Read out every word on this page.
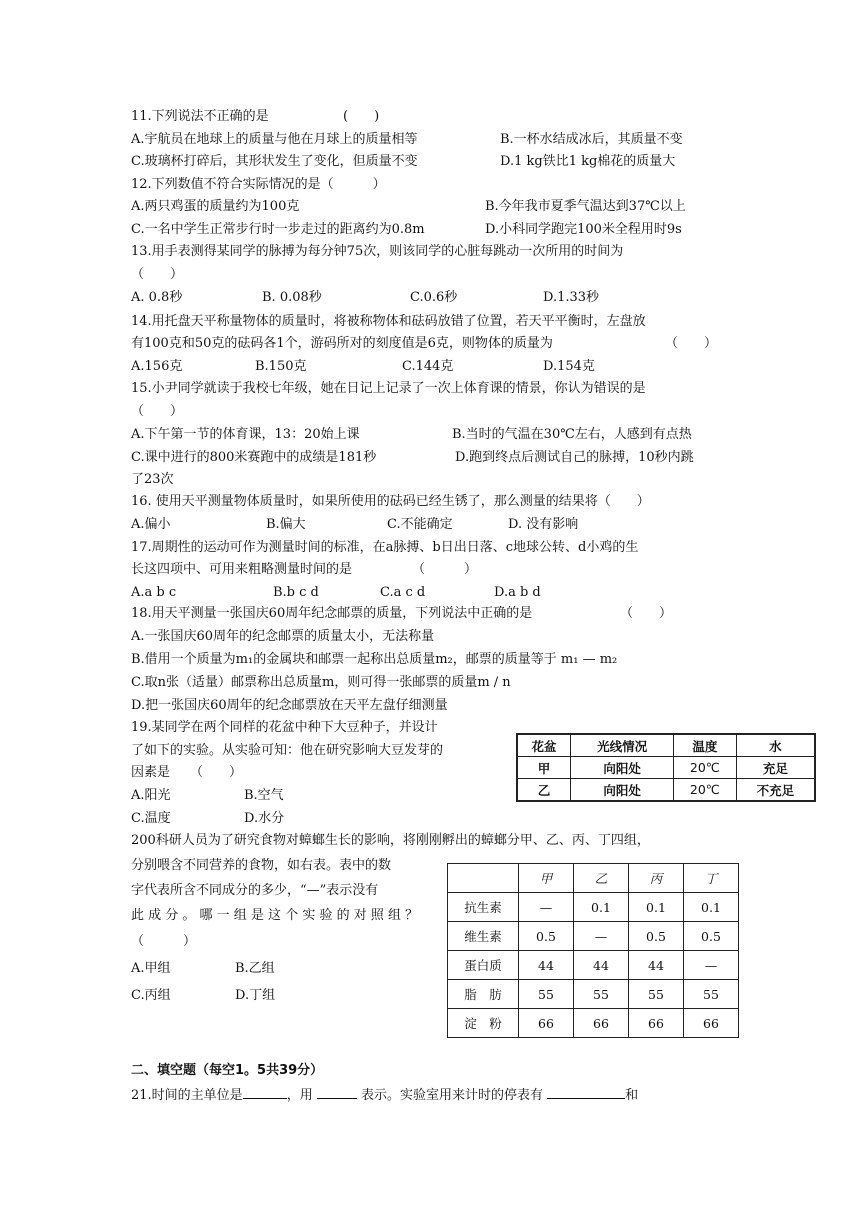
11.下列说法不正确的是	(　　)
A.宇航员在地球上的质量与他在月球上的质量相等	B.一杯水结成冰后，其质量不变
C.玻璃杯打碎后，其形状发生了变化，但质量不变	D.1 kg铁比1 kg棉花的质量大
12.下列数值不符合实际情况的是（　　　）
A.两只鸡蛋的质量约为100克	B.今年我市夏季气温达到37℃以上
C.一名中学生正常步行时一步走过的距离约为0.8m	D.小科同学跑完100米全程用时9s
13.用手表测得某同学的脉搏为每分钟75次，则该同学的心脏每跳动一次所用的时间为
（　　）
A. 0.8秒	B. 0.08秒	C.0.6秒	D.1.33秒
14.用托盘天平称量物体的质量时，将被称物体和砝码放错了位置，若天平平衡时，左盘放
有100克和50克的砝码各1个，游码所对的刻度值是6克，则物体的质量为	（　　）
A.156克	B.150克	C.144克	D.154克
15.小尹同学就读于我校七年级，她在日记上记录了一次上体育课的情景，你认为错误的是
（　　）
A.下午第一节的体育课，13：20始上课	B.当时的气温在30℃左右，人感到有点热
C.课中进行的800米赛跑中的成绩是181秒	D.跑到终点后测试自己的脉搏，10秒内跳
了23次
16. 使用天平测量物体质量时，如果所使用的砝码已经生锈了，那么测量的结果将（　　）
A.偏小	B.偏大	C.不能确定	D. 没有影响
17.周期性的运动可作为测量时间的标准，在a脉搏、b日出日落、c地球公转、d小鸡的生
长这四项中、可用来粗略测量时间的是	（　　　）
A.a b c	B.b c d	C.a c d	D.a b d
18.用天平测量一张国庆60周年纪念邮票的质量，下列说法中正确的是	（　　）
A.一张国庆60周年的纪念邮票的质量太小，无法称量
B.借用一个质量为m₁的金属块和邮票一起称出总质量m₂，邮票的质量等于 m₁ — m₂
C.取n张（适量）邮票称出总质量m，则可得一张邮票的质量m / n
D.把一张国庆60周年的纪念邮票放在天平左盘仔细测量
19.某同学在两个同样的花盆中种下大豆种子，并设计
了如下的实验。从实验可知：他在研究影响大豆发芽的
因素是 （　　）
A.阳光	B.空气
C.温度	D.水分
200科研人员为了研究食物对蟑螂生长的影响，将刚刚孵出的蟑螂分甲、乙、丙、丁四组，
分别喂含不同营养的食物，如右表。表中的数
字代表所含不同成分的多少，“—”表示没有
此 成 分 。 哪 一 组 是 这 个 实 验 的 对 照 组 ？
（　　　）
A.甲组	B.乙组
C.丙组	D.丁组
花盆	光线情况	温度	水
甲	向阳处	20℃	充足
乙	向阳处	20℃	不充足
	甲	乙	丙	丁
抗生素	—	0.1	0.1	0.1
维生素	0.5	—	0.5	0.5
蛋白质	44	44	44	—
脂　肪	55	55	55	55
淀　粉	66	66	66	66
二、填空题（每空1。5共39分）
21.时间的主单位是	，用	表示。实验室用来计时的停表有	和
